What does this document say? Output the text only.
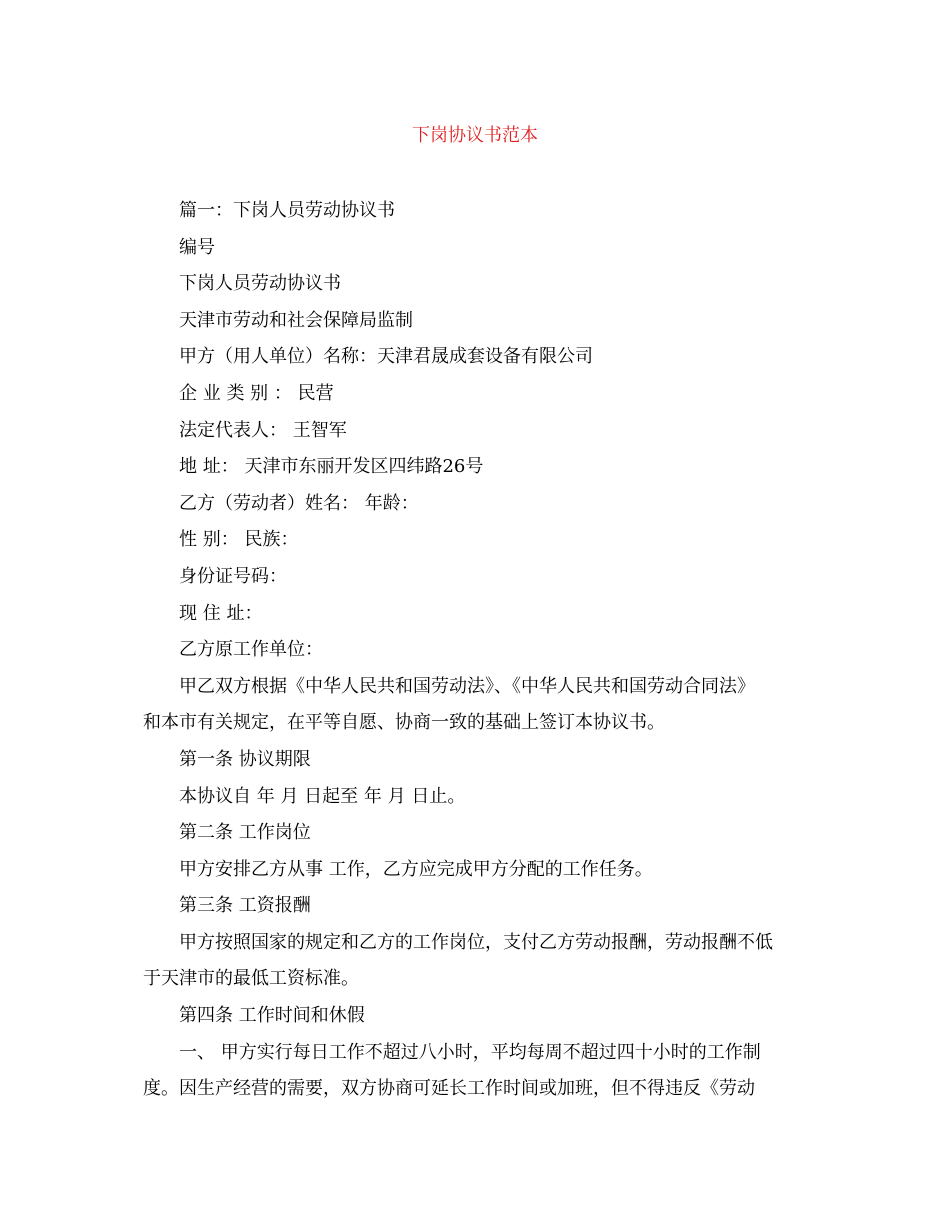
下岗协议书范本

篇一：下岗人员劳动协议书

编号

下岗人员劳动协议书

天津市劳动和社会保障局监制

甲方（用人单位）名称：天津君晟成套设备有限公司

企 业 类 别 ： 民营

法定代表人： 王智军

地 址： 天津市东丽开发区四纬路26号

乙方（劳动者）姓名： 年龄：

性 别： 民族：

身份证号码：

现 住 址：

乙方原工作单位：

甲乙双方根据《中华人民共和国劳动法》、《中华人民共和国劳动合同法》

和本市有关规定，在平等自愿、协商一致的基础上签订本协议书。

第一条 协议期限

本协议自 年 月 日起至 年 月 日止。

第二条 工作岗位

甲方安排乙方从事 工作，乙方应完成甲方分配的工作任务。

第三条 工资报酬

甲方按照国家的规定和乙方的工作岗位，支付乙方劳动报酬，劳动报酬不低

于天津市的最低工资标准。

第四条 工作时间和休假

一、 甲方实行每日工作不超过八小时，平均每周不超过四十小时的工作制

度。因生产经营的需要，双方协商可延长工作时间或加班，但不得违反《劳动
